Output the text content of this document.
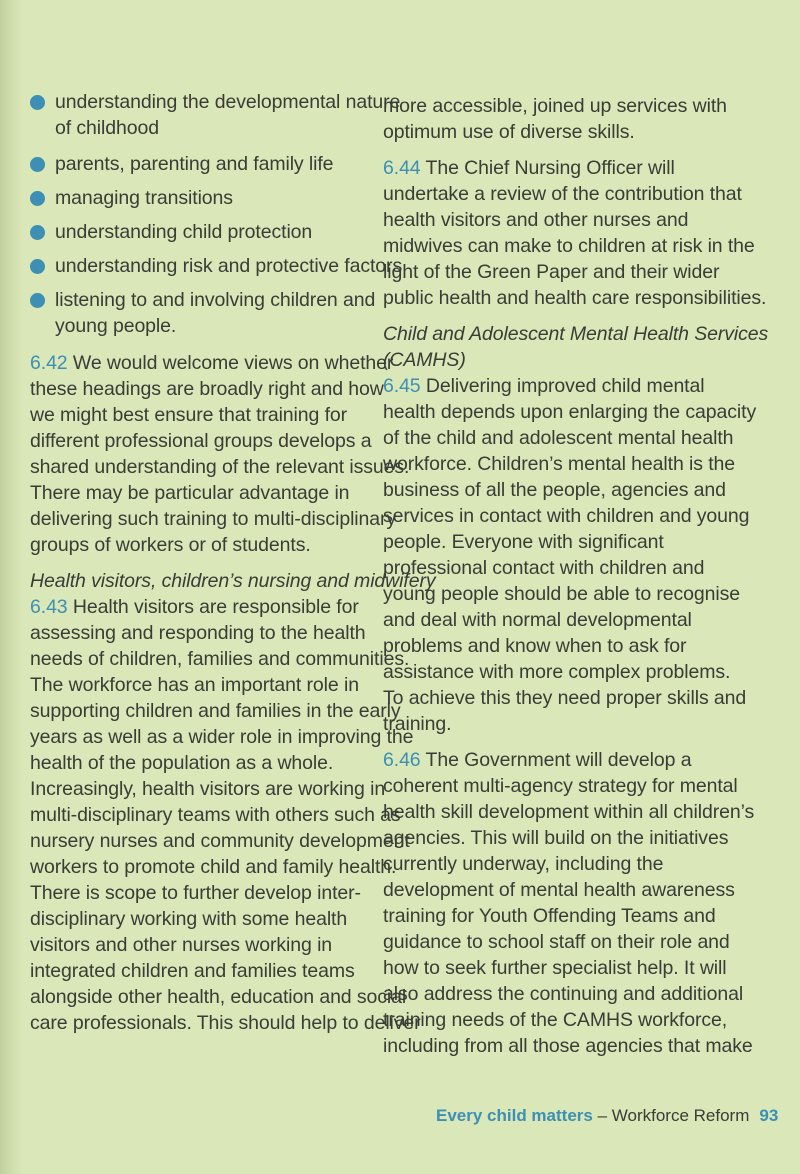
understanding the developmental nature
of childhood
parents, parenting and family life
managing transitions
understanding child protection
understanding risk and protective factors
listening to and involving children and
young people.
6.42 We would welcome views on whether
these headings are broadly right and how
we might best ensure that training for
different professional groups develops a
shared understanding of the relevant issues.
There may be particular advantage in
delivering such training to multi-disciplinary
groups of workers or of students.
Health visitors, children’s nursing and midwifery
6.43 Health visitors are responsible for
assessing and responding to the health
needs of children, families and communities.
The workforce has an important role in
supporting children and families in the early
years as well as a wider role in improving the
health of the population as a whole.
Increasingly, health visitors are working in
multi-disciplinary teams with others such as
nursery nurses and community development
workers to promote child and family health.
There is scope to further develop inter-
disciplinary working with some health
visitors and other nurses working in
integrated children and families teams
alongside other health, education and social
care professionals. This should help to deliver
more accessible, joined up services with
optimum use of diverse skills.
6.44 The Chief Nursing Officer will
undertake a review of the contribution that
health visitors and other nurses and
midwives can make to children at risk in the
light of the Green Paper and their wider
public health and health care responsibilities.
Child and Adolescent Mental Health Services
(CAMHS)
6.45 Delivering improved child mental
health depends upon enlarging the capacity
of the child and adolescent mental health
workforce. Children’s mental health is the
business of all the people, agencies and
services in contact with children and young
people. Everyone with significant
professional contact with children and
young people should be able to recognise
and deal with normal developmental
problems and know when to ask for
assistance with more complex problems.
To achieve this they need proper skills and
training.
6.46 The Government will develop a
coherent multi-agency strategy for mental
health skill development within all children’s
agencies. This will build on the initiatives
currently underway, including the
development of mental health awareness
training for Youth Offending Teams and
guidance to school staff on their role and
how to seek further specialist help. It will
also address the continuing and additional
training needs of the CAMHS workforce,
including from all those agencies that make
Every child matters – Workforce Reform 93
